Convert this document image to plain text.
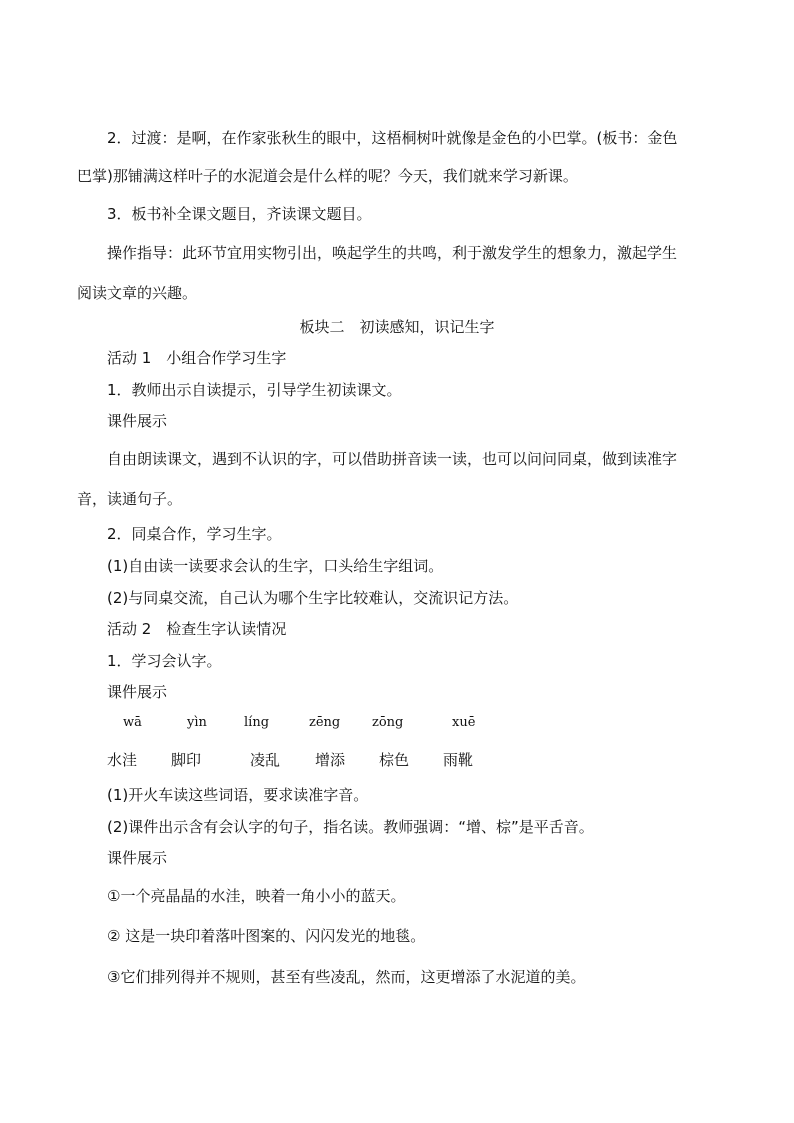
2．过渡：是啊，在作家张秋生的眼中，这梧桐树叶就像是金色的小巴掌。(板书：金色
巴掌)那铺满这样叶子的水泥道会是什么样的呢？今天，我们就来学习新课。
3．板书补全课文题目，齐读课文题目。
操作指导：此环节宜用实物引出，唤起学生的共鸣，利于激发学生的想象力，激起学生
阅读文章的兴趣。
板块二　初读感知，识记生字
活动 1　小组合作学习生字
1．教师出示自读提示，引导学生初读课文。
课件展示
自由朗读课文，遇到不认识的字，可以借助拼音读一读，也可以问问同桌，做到读准字
音，读通句子。
2．同桌合作，学习生字。
(1)自由读一读要求会认的生字，口头给生字组词。
(2)与同桌交流，自己认为哪个生字比较难认，交流识记方法。
活动 2　检查生字认读情况
1．学习会认字。
课件展示
wā	yìn	líng	zēng zōng	xuē
水洼 脚印	凌乱 增添 棕色 雨靴
(1)开火车读这些词语，要求读准字音。
(2)课件出示含有会认字的句子，指名读。教师强调：“增、棕”是平舌音。
课件展示
①一个亮晶晶的水洼，映着一角小小的蓝天。
② 这是一块印着落叶图案的、闪闪发光的地毯。
③它们排列得并不规则，甚至有些凌乱，然而，这更增添了水泥道的美。
